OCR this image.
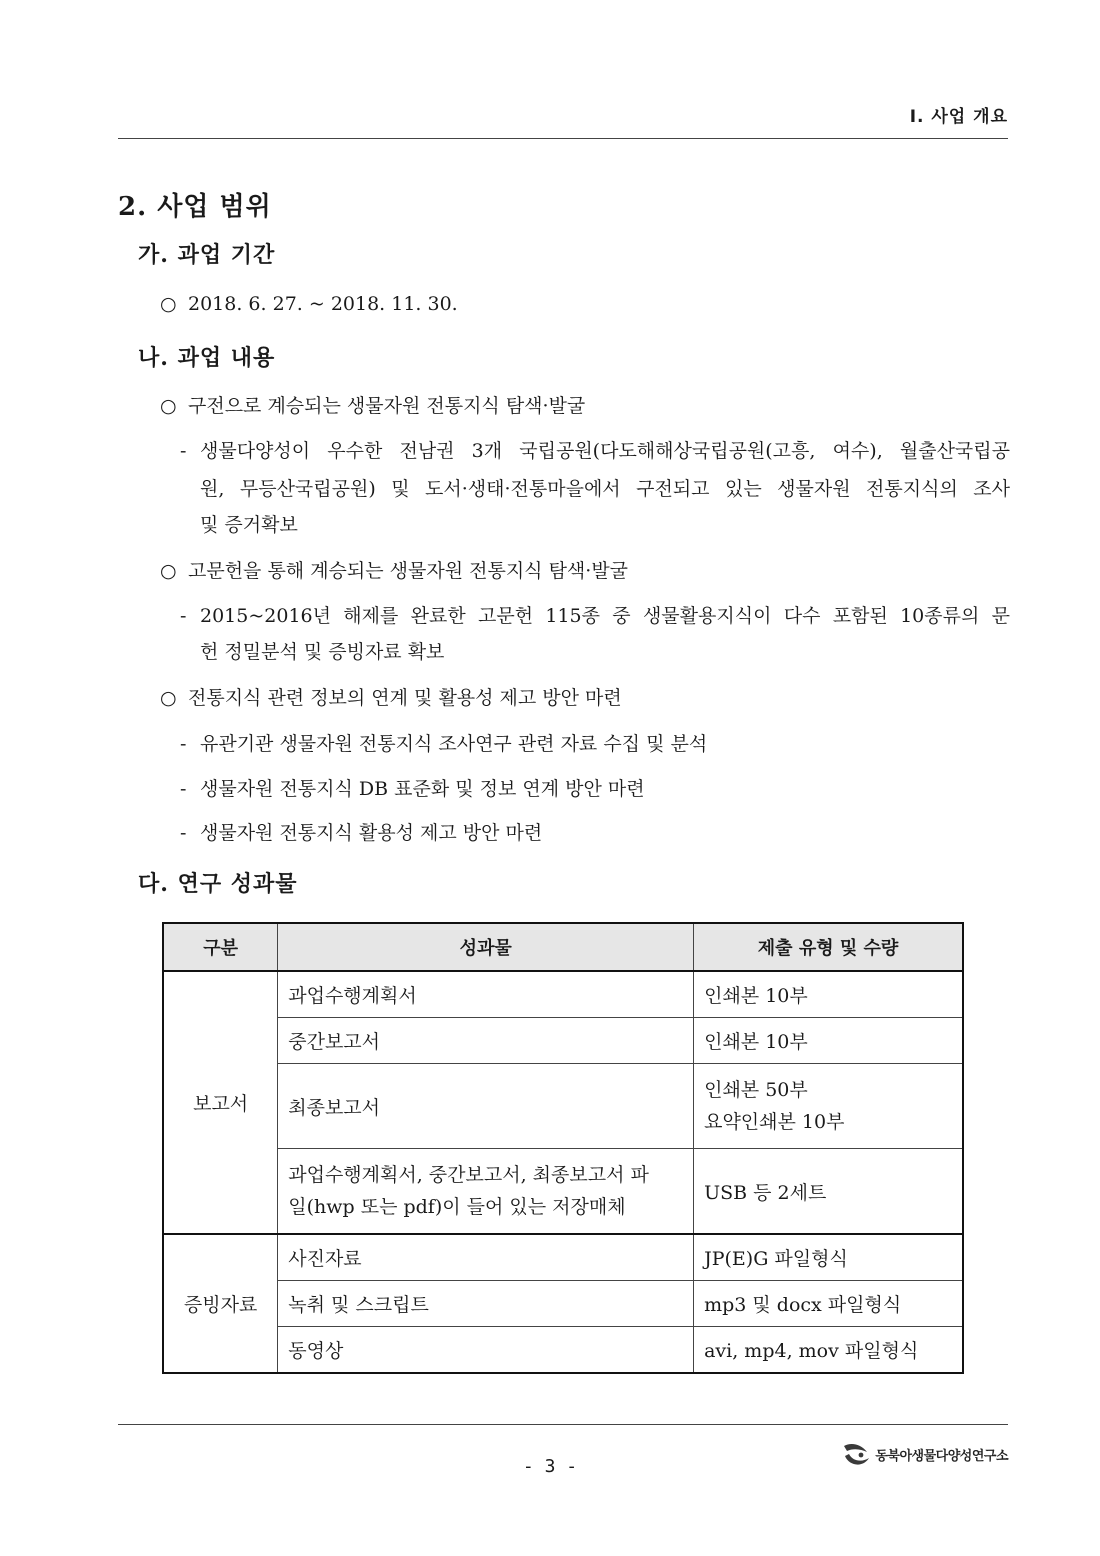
Ⅰ. 사업 개요
2. 사업 범위
가. 과업 기간
○ 2018. 6. 27. ~ 2018. 11. 30.
나. 과업 내용
○ 구전으로 계승되는 생물자원 전통지식 탐색·발굴
- 생물다양성이 우수한 전남권 3개 국립공원(다도해해상국립공원(고흥, 여수), 월출산국립공
원, 무등산국립공원) 및 도서·생태·전통마을에서 구전되고 있는 생물자원 전통지식의 조사
및 증거확보
○ 고문헌을 통해 계승되는 생물자원 전통지식 탐색·발굴
- 2015~2016년 해제를 완료한 고문헌 115종 중 생물활용지식이 다수 포함된 10종류의 문
헌 정밀분석 및 증빙자료 확보
○ 전통지식 관련 정보의 연계 및 활용성 제고 방안 마련
- 유관기관 생물자원 전통지식 조사연구 관련 자료 수집 및 분석
- 생물자원 전통지식 DB 표준화 및 정보 연계 방안 마련
- 생물자원 전통지식 활용성 제고 방안 마련
다. 연구 성과물
구분	성과물	제출 유형 및 수량
보고서	과업수행계획서	인쇄본 10부
	중간보고서	인쇄본 10부
	최종보고서	인쇄본 50부
요약인쇄본 10부

	과업수행계획서, 중간보고서, 최종보고서 파
일(hwp 또는 pdf)이 들어 있는 저장매체	USB 등 2세트
증빙자료	사진자료	JP(E)G 파일형식
	녹취 및 스크립트	mp3 및 docx 파일형식
	동영상	avi, mp4, mov 파일형식
- 3 -	동북아생물다양성연구소
